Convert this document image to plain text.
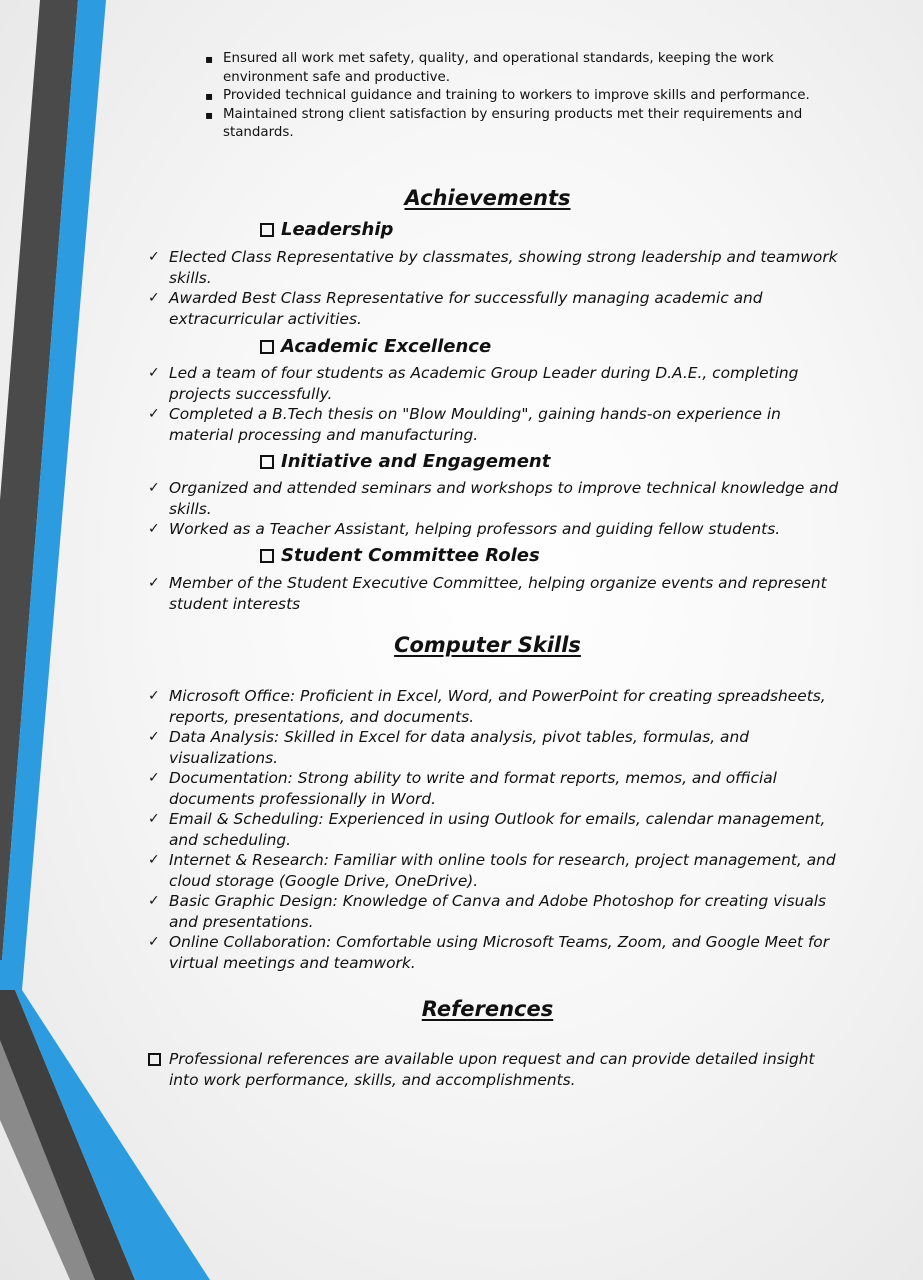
▪ Ensured all work met safety, quality, and operational standards, keeping the work environment safe and productive.
▪ Provided technical guidance and training to workers to improve skills and performance.
▪ Maintained strong client satisfaction by ensuring products met their requirements and standards.
Achievements
Leadership
✓ Elected Class Representative by classmates, showing strong leadership and teamwork skills.
✓ Awarded Best Class Representative for successfully managing academic and extracurricular activities.
Academic Excellence
✓ Led a team of four students as Academic Group Leader during D.A.E., completing projects successfully.
✓ Completed a B.Tech thesis on "Blow Moulding", gaining hands-on experience in material processing and manufacturing.
Initiative and Engagement
✓ Organized and attended seminars and workshops to improve technical knowledge and skills.
✓ Worked as a Teacher Assistant, helping professors and guiding fellow students.
Student Committee Roles
✓ Member of the Student Executive Committee, helping organize events and represent student interests
Computer Skills
✓ Microsoft Office: Proficient in Excel, Word, and PowerPoint for creating spreadsheets, reports, presentations, and documents.
✓ Data Analysis: Skilled in Excel for data analysis, pivot tables, formulas, and visualizations.
✓ Documentation: Strong ability to write and format reports, memos, and official documents professionally in Word.
✓ Email & Scheduling: Experienced in using Outlook for emails, calendar management, and scheduling.
✓ Internet & Research: Familiar with online tools for research, project management, and cloud storage (Google Drive, OneDrive).
✓ Basic Graphic Design: Knowledge of Canva and Adobe Photoshop for creating visuals and presentations.
✓ Online Collaboration: Comfortable using Microsoft Teams, Zoom, and Google Meet for virtual meetings and teamwork.
References
Professional references are available upon request and can provide detailed insight into work performance, skills, and accomplishments.
